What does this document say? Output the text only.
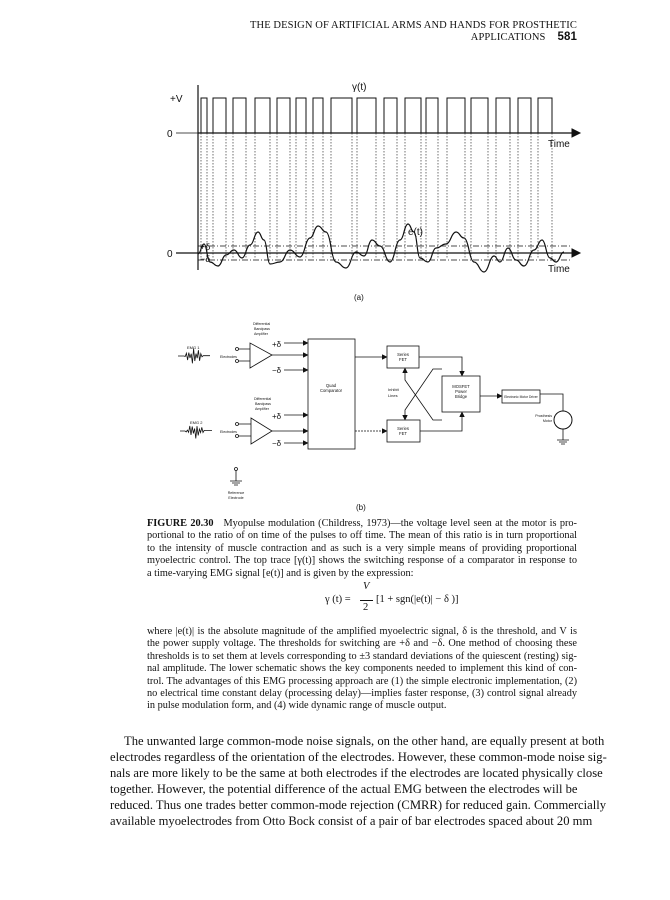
THE DESIGN OF ARTIFICIAL ARMS AND HANDS FOR PROSTHETIC APPLICATIONS 581
γ(t)
+V
0
Time
0
+δ
−δ
e(t)
Time
(a)
Differential
Bandpass
Amplifier
EMG 1
Electrodes
+δ
−δ
Differential
Bandpass
Amplifier
EMG 2
Electrodes
+δ
−δ
Quad
Comparator
Series
FET
Series
FET
Inhibit
Lines
MOSFET
Power
Bridge	Electronic Motor Driver
Prosthesis
Motor
Reference
Electrode
(b)
FIGURE 20.30 Myopulse modulation (Childress, 1973)—the voltage level seen at the motor is pro-
portional to the ratio of on time of the pulses to off time. The mean of this ratio is in turn proportional
to the intensity of muscle contraction and as such is a very simple means of providing proportional
myoelectric control. The top trace [γ(t)] shows the switching response of a comparator in response to
a time-varying EMG signal [e(t)] and is given by the expression:
γ (t) =
V
2
[1 + sgn(|e(t)| − δ )]
where |e(t)| is the absolute magnitude of the amplified myoelectric signal, δ is the threshold, and V is
the power supply voltage. The thresholds for switching are +δ and −δ. One method of choosing these
thresholds is to set them at levels corresponding to ±3 standard deviations of the quiescent (resting) sig-
nal amplitude. The lower schematic shows the key components needed to implement this kind of con-
trol. The advantages of this EMG processing approach are (1) the simple electronic implementation, (2)
no electrical time constant delay (processing delay)—implies faster response, (3) control signal already
in pulse modulation form, and (4) wide dynamic range of muscle output.
The unwanted large common-mode noise signals, on the other hand, are equally present at both
electrodes regardless of the orientation of the electrodes. However, these common-mode noise sig-
nals are more likely to be the same at both electrodes if the electrodes are located physically close
together. However, the potential difference of the actual EMG between the electrodes will be
reduced. Thus one trades better common-mode rejection (CMRR) for reduced gain. Commercially
available myoelectrodes from Otto Bock consist of a pair of bar electrodes spaced about 20 mm
